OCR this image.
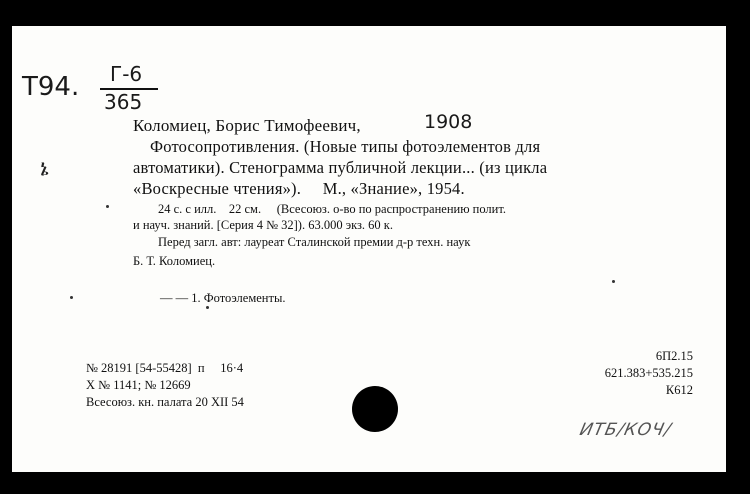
Т94. Г-6
365
ኔ
Коломиец, Борис Тимофеевич,	1908
Фотосопротивления. (Новые типы фотоэлементов для
автоматики). Стенограмма публичной лекции... (из цикла
«Воскресные чтения»).     М., «Знание», 1954.
24 с. с илл.    22 см.     (Всесоюз. о-во по распространению полит.
и науч. знаний. [Серия 4 № 32]). 63.000 экз. 60 к.
Перед загл. авт: лауреат Сталинской премии д-р техн. наук
Б. Т. Коломиец.
— — 1. Фотоэлементы.
№ 28191 [54-55428]  п     16·4
X № 1141; № 12669
Всесоюз. кн. палата 20 XII 54
6П2.15
621.383+535.215
К612
ИТБ/КОЧ/
